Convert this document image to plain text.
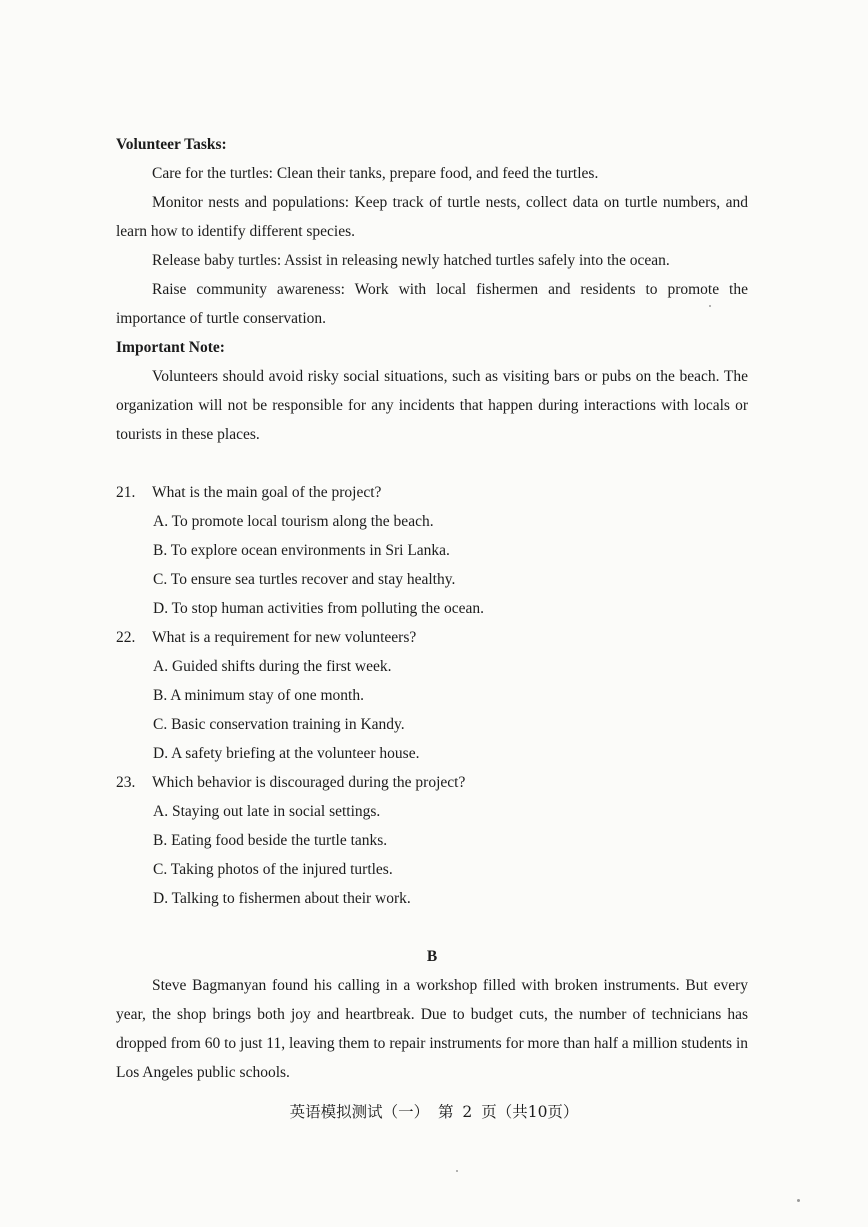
Volunteer Tasks:
Care for the turtles: Clean their tanks, prepare food, and feed the turtles.
Monitor nests and populations: Keep track of turtle nests, collect data on turtle numbers, and learn how to identify different species.
Release baby turtles: Assist in releasing newly hatched turtles safely into the ocean.
Raise community awareness: Work with local fishermen and residents to promote the importance of turtle conservation.
Important Note:
Volunteers should avoid risky social situations, such as visiting bars or pubs on the beach. The organization will not be responsible for any incidents that happen during interactions with locals or tourists in these places.
21.	What is the main goal of the project?
A. To promote local tourism along the beach.
B. To explore ocean environments in Sri Lanka.
C. To ensure sea turtles recover and stay healthy.
D. To stop human activities from polluting the ocean.
22.	What is a requirement for new volunteers?
A. Guided shifts during the first week.
B. A minimum stay of one month.
C. Basic conservation training in Kandy.
D. A safety briefing at the volunteer house.
23.	Which behavior is discouraged during the project?
A. Staying out late in social settings.
B. Eating food beside the turtle tanks.
C. Taking photos of the injured turtles.
D. Talking to fishermen about their work.
B
Steve Bagmanyan found his calling in a workshop filled with broken instruments. But every year, the shop brings both joy and heartbreak. Due to budget cuts, the number of technicians has dropped from 60 to just 11, leaving them to repair instruments for more than half a million students in Los Angeles public schools.
英语模拟测试（一） 第 2 页（共10页）
